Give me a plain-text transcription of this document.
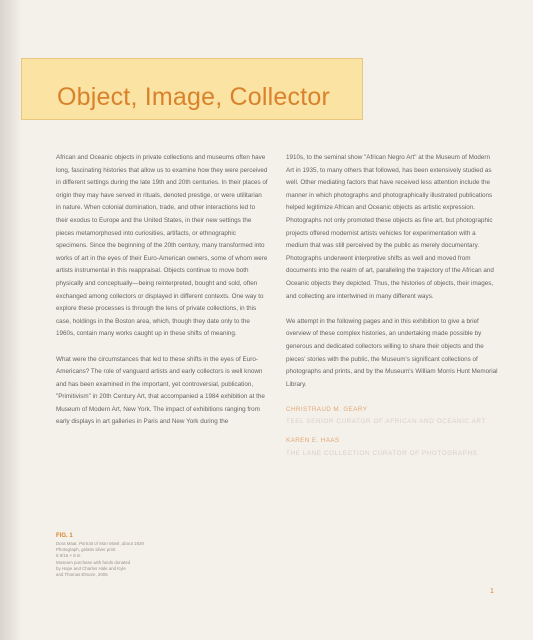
Object, Image, Collector

African and Oceanic objects in private collections and museums often have long, fascinating histories that allow us to examine how they were perceived in different settings during the late 19th and 20th centuries. In their places of origin they may have served in rituals, denoted prestige, or were utilitarian in nature. When colonial domination, trade, and other interactions led to their exodus to Europe and the United States, in their new settings the pieces metamorphosed into curiosities, artifacts, or ethnographic specimens. Since the beginning of the 20th century, many transformed into works of art in the eyes of their Euro-American owners, some of whom were artists instrumental in this reappraisal. Objects continue to move both physically and conceptually—being reinterpreted, bought and sold, often exchanged among collectors or displayed in different contexts. One way to explore these processes is through the lens of private collections, in this case, holdings in the Boston area, which, though they date only to the 1960s, contain many works caught up in these shifts of meaning.

What were the circumstances that led to these shifts in the eyes of Euro-Americans? The role of vanguard artists and early collectors is well known and has been examined in the important, yet controversial, publication, "Primitivism" in 20th Century Art, that accompanied a 1984 exhibition at the Museum of Modern Art, New York. The impact of exhibitions ranging from early displays in art galleries in Paris and New York during the

1910s, to the seminal show "African Negro Art" at the Museum of Modern Art in 1935, to many others that followed, has been extensively studied as well. Other mediating factors that have received less attention include the manner in which photographs and photographically illustrated publications helped legitimize African and Oceanic objects as artistic expression. Photographs not only promoted these objects as fine art, but photographic projects offered modernist artists vehicles for experimentation with a medium that was still perceived by the public as merely documentary. Photographs underwent interpretive shifts as well and moved from documents into the realm of art, paralleling the trajectory of the African and Oceanic objects they depicted. Thus, the histories of objects, their images, and collecting are intertwined in many different ways.

We attempt in the following pages and in this exhibition to give a brief overview of these complex histories, an undertaking made possible by generous and dedicated collectors willing to share their objects and the pieces' stories with the public, the Museum's significant collections of photographs and prints, and by the Museum's William Morris Hunt Memorial Library.

CHRISTRAUD M. GEARY
TEEL SENIOR CURATOR OF AFRICAN AND OCEANIC ART
KAREN E. HAAS
THE LANE COLLECTION CURATOR OF PHOTOGRAPHS
FIG. 1
Dora Maar, Portrait of Man Mask, about 1929
Photograph, gelatin silver print
5 9/16 × 8 in.
Museum purchase with funds donated
by Hope and Charles Hale and Kyle
and Thomas Elmore, 2005
1
